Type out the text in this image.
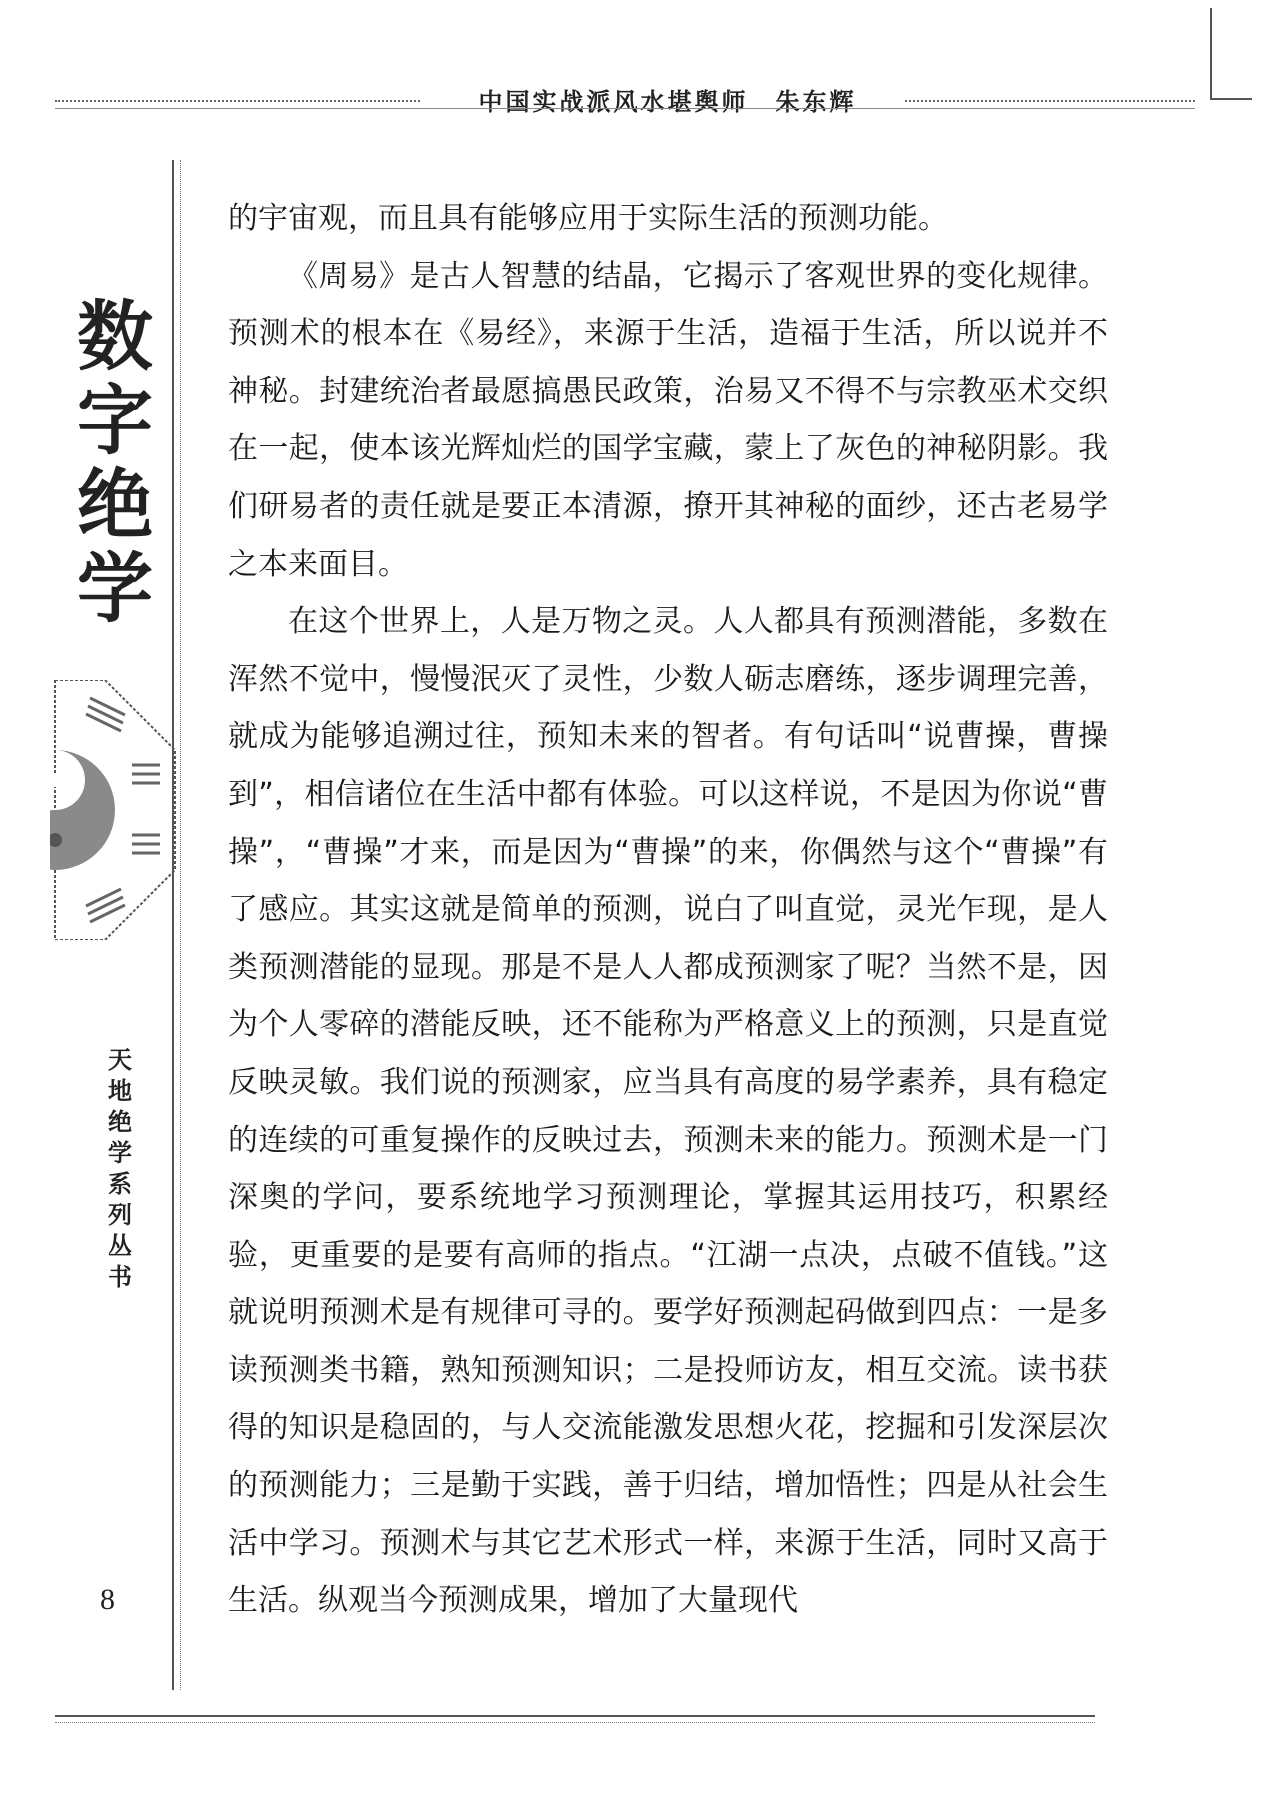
中国实战派风水堪舆师　朱东辉
数
字
绝
学
天
地
绝
学
系
列
丛
书
8

的宇宙观，而且具有能够应用于实际生活的预测功能。

《周易》是古人智慧的结晶，它揭示了客观世界的变化规律。预测术的根本在《易经》，来源于生活，造福于生活，所以说并不神秘。封建统治者最愿搞愚民政策，治易又不得不与宗教巫术交织在一起，使本该光辉灿烂的国学宝藏，蒙上了灰色的神秘阴影。我们研易者的责任就是要正本清源，撩开其神秘的面纱，还古老易学之本来面目。

在这个世界上，人是万物之灵。人人都具有预测潜能，多数在浑然不觉中，慢慢泯灭了灵性，少数人砺志磨练，逐步调理完善，就成为能够追溯过往，预知未来的智者。有句话叫“说曹操，曹操到”，相信诸位在生活中都有体验。可以这样说，不是因为你说“曹操”，“曹操”才来，而是因为“曹操”的来，你偶然与这个“曹操”有了感应。其实这就是简单的预测，说白了叫直觉，灵光乍现，是人类预测潜能的显现。那是不是人人都成预测家了呢？当然不是，因为个人零碎的潜能反映，还不能称为严格意义上的预测，只是直觉反映灵敏。我们说的预测家，应当具有高度的易学素养，具有稳定的连续的可重复操作的反映过去，预测未来的能力。预测术是一门深奥的学问，要系统地学习预测理论，掌握其运用技巧，积累经验，更重要的是要有高师的指点。“江湖一点决，点破不值钱。”这就说明预测术是有规律可寻的。要学好预测起码做到四点：一是多读预测类书籍，熟知预测知识；二是投师访友，相互交流。读书获得的知识是稳固的，与人交流能激发思想火花，挖掘和引发深层次的预测能力；三是勤于实践，善于归结，增加悟性；四是从社会生活中学习。预测术与其它艺术形式一样，来源于生活，同时又高于生活。纵观当今预测成果，增加了大量现代
